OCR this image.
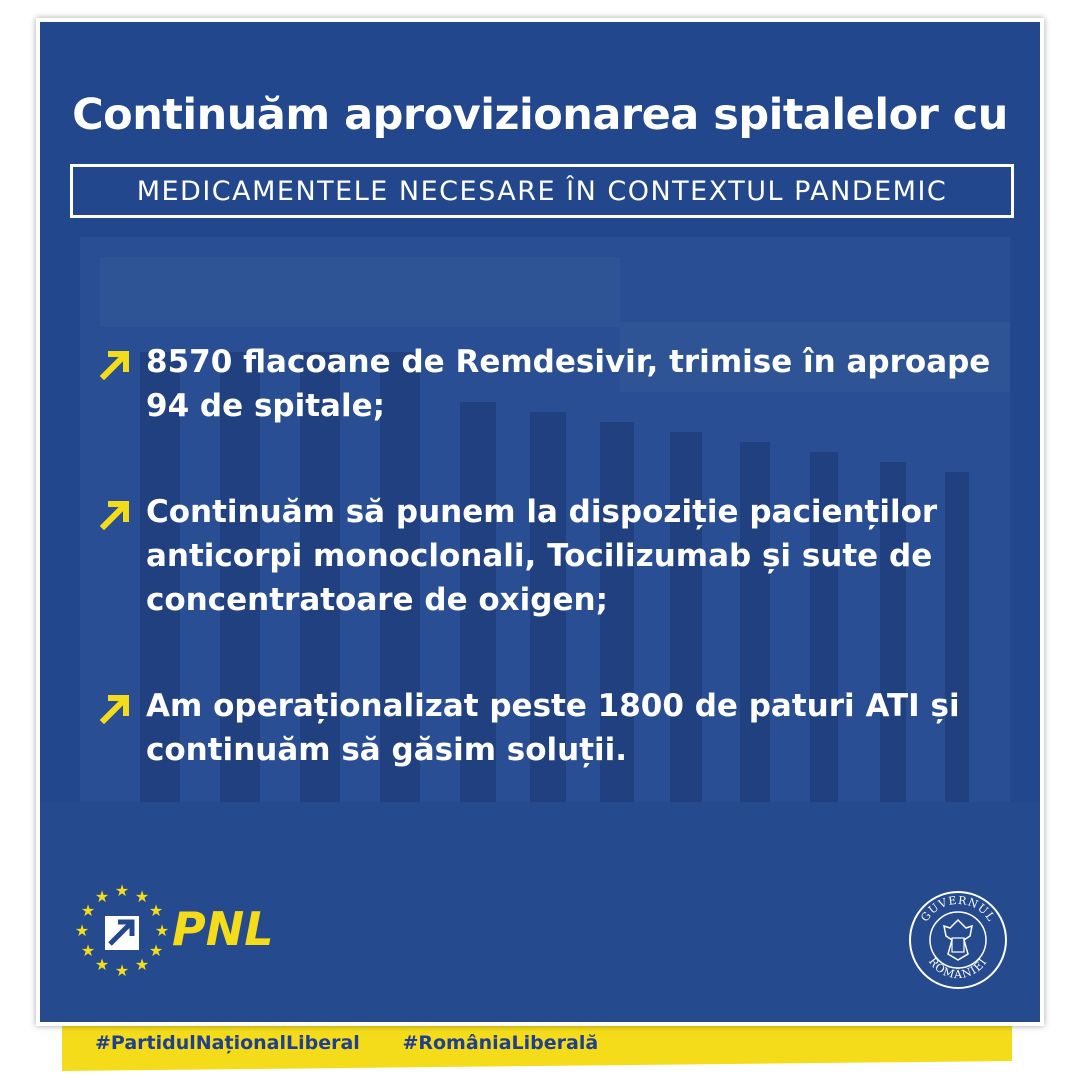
#PartidulNaționalLiberal #RomâniaLiberală
Continuăm aprovizionarea spitalelor cu
MEDICAMENTELE NECESARE ÎN CONTEXTUL PANDEMIC
8570 flacoane de Remdesivir, trimise în aproape 94 de spitale;
Continuăm să punem la dispoziție pacienților anticorpi monoclonali, Tocilizumab și sute de concentratoare de oxigen;
Am operaționalizat peste 1800 de paturi ATI și continuăm să găsim soluții.
★ ★
★
★
★
★
★
★
★
★
★
★
PNL	GUVERNUL
ROMÂNIEI
